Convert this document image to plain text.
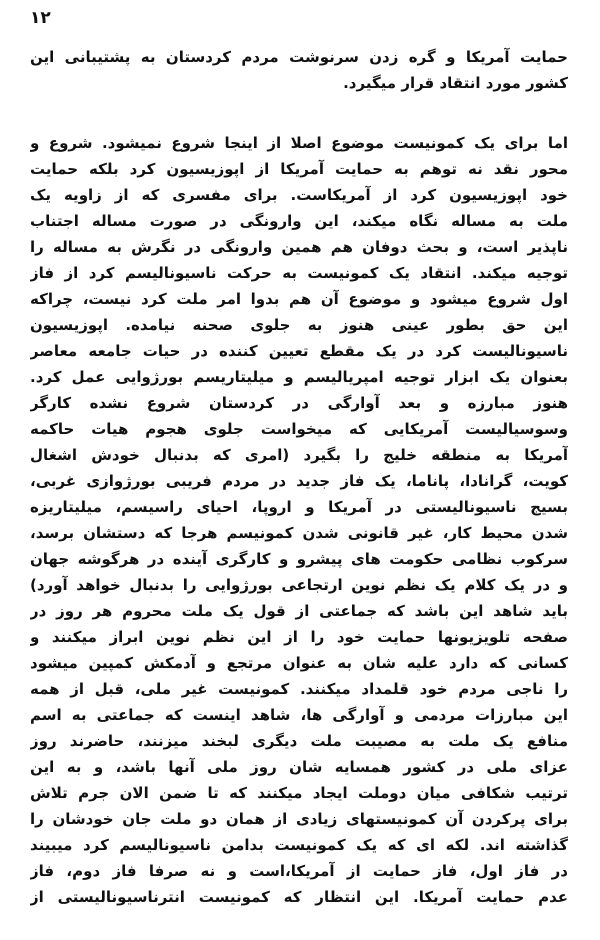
۱۲
حمایت آمریکا و گره زدن سرنوشت مردم کردستان به پشتیبانی این
کشور مورد انتقاد قرار میگیرد.
اما برای یک کمونیست موضوع اصلا از اینجا شروع نمیشود. شروع و
محور نقد نه توهم به حمایت آمریکا از اپوزیسیون کرد بلکه حمایت
خود اپوزیسیون کرد از آمریکاست. برای مفسری که از زاویه یک
ملت به مساله نگاه میکند، این وارونگی در صورت مساله اجتناب
ناپذیر است، و بحث دوفان هم همین وارونگی در نگرش به مساله را
توجیه میکند. انتقاد یک کمونیست به حرکت ناسیونالیسم کرد از فاز
اول شروع میشود و موضوع آن هم بدوا امر ملت کرد نیست، چراکه
این حق بطور عینی هنوز به جلوی صحنه نیامده. اپوزیسیون
ناسیونالیست کرد در یک مقطع تعیین کننده در حیات جامعه معاصر
بعنوان یک ابزار توجیه امپریالیسم و میلیتاریسم بورژوایی عمل کرد.
هنوز مبارزه و بعد آوارگی در کردستان شروع نشده کارگر
وسوسیالیست آمریکایی که میخواست جلوی هجوم هیات حاکمه
آمریکا به منطقه خلیج را بگیرد (امری که بدنبال خودش اشغال
کویت، گرانادا، پاناما، یک فاز جدید در مردم فریبی بورژوازی غربی،
بسیج ناسیونالیستی در آمریکا و اروپا، احیای راسیسم، میلیتاریزه
شدن محیط کار، غیر قانونی شدن کمونیسم هرجا که دستشان برسد،
سرکوب نظامی حکومت های پیشرو و کارگری آینده در هرگوشه جهان
و در یک کلام یک نظم نوین ارتجاعی بورژوایی را بدنبال خواهد آورد)
باید شاهد این باشد که جماعتی از قول یک ملت محروم هر روز در
صفحه تلویزیونها حمایت خود را از این نظم نوین ابراز میکنند و
کسانی که دارد علیه شان به عنوان مرتجع و آدمکش کمپین میشود
را ناجی مردم خود قلمداد میکنند. کمونیست غیر ملی، قبل از همه
این مبارزات مردمی و آوارگی ها، شاهد اینست که جماعتی به اسم
منافع یک ملت به مصیبت ملت دیگری لبخند میزنند، حاضرند روز
عزای ملی در کشور همسایه شان روز ملی آنها باشد، و به این
ترتیب شکافی میان دوملت ایجاد میکنند که تا ضمن الان جرم تلاش
برای پرکردن آن کمونیستهای زیادی از همان دو ملت جان خودشان را
گذاشته اند. لکه ای که یک کمونیست بدامن ناسیونالیسم کرد میبیند
در فاز اول، فاز حمایت از آمریکا،است و نه صرفا فاز دوم، فاز
عدم حمایت آمریکا. این انتظار که کمونیست انترناسیونالیستی از
